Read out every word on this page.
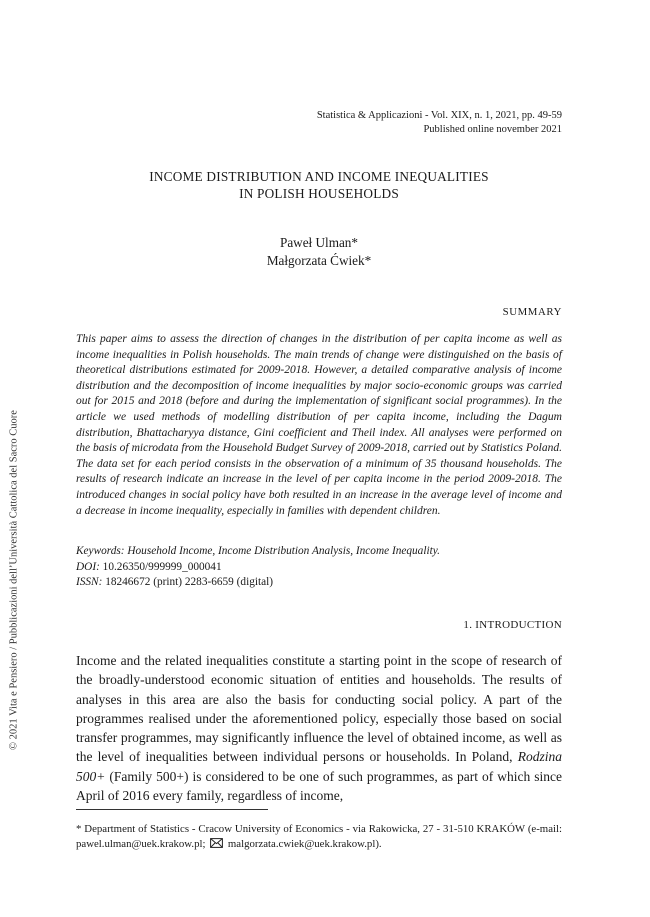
© 2021 Vita e Pensiero / Pubblicazioni dell’Università Cattolica del Sacro Cuore
Statistica & Applicazioni - Vol. XIX, n. 1, 2021, pp. 49-59
Published online november 2021
INCOME DISTRIBUTION AND INCOME INEQUALITIES
IN POLISH HOUSEHOLDS
Paweł Ulman*
Małgorzata Ćwiek*
SUMMARY

This paper aims to assess the direction of changes in the distribution of per capita income as well as income inequalities in Polish households. The main trends of change were distinguished on the basis of theoretical distributions estimated for 2009-2018. However, a detailed comparative analysis of income distribution and the decomposition of income inequalities by major socio-economic groups was carried out for 2015 and 2018 (before and during the implementation of significant social programmes). In the article we used methods of modelling distribution of per capita income, including the Dagum distribution, Bhattacharyya distance, Gini coefficient and Theil index. All analyses were performed on the basis of microdata from the Household Budget Survey of 2009-2018, carried out by Statistics Poland. The data set for each period consists in the observation of a minimum of 35 thousand households. The results of research indicate an increase in the level of per capita income in the period 2009-2018. The introduced changes in social policy have both resulted in an increase in the average level of income and a decrease in income inequality, especially in families with dependent children.

Keywords: Household Income, Income Distribution Analysis, Income Inequality.
DOI: 10.26350/999999_000041
ISSN: 18246672 (print) 2283-6659 (digital)
1. INTRODUCTION

Income and the related inequalities constitute a starting point in the scope of research of the broadly-understood economic situation of entities and households. The results of analyses in this area are also the basis for conducting social policy. A part of the programmes realised under the aforementioned policy, especially those based on social transfer programmes, may significantly influence the level of obtained income, as well as the level of inequalities between individual persons or households. In Poland, Rodzina 500+ (Family 500+) is considered to be one of such programmes, as part of which since April of 2016 every family, regardless of income,

* Department of Statistics - Cracow University of Economics - via Rakowicka, 27 - 31-510 KRAKÓW (e-mail: pawel.ulman@uek.krakow.pl; malgorzata.cwiek@uek.krakow.pl).
